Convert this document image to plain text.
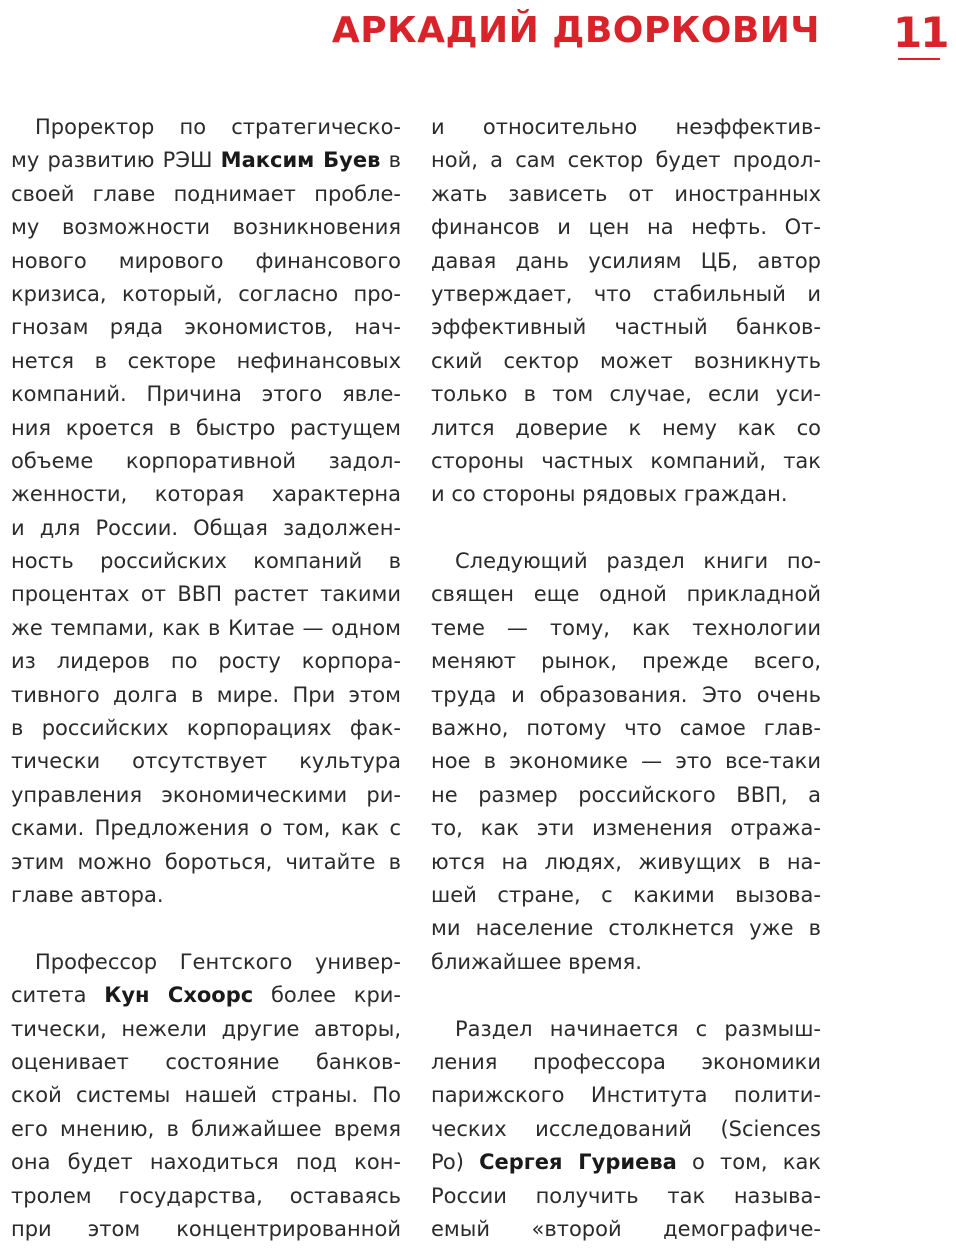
АРКАДИЙ ДВОРКОВИЧ 11
Проректор по стратегическо-
му развитию РЭШ Максим Буев в
своей главе поднимает пробле-
му возможности возникновения
нового мирового финансового
кризиса, который, согласно про-
гнозам ряда экономистов, нач-
нется в секторе нефинансовых
компаний. Причина этого явле-
ния кроется в быстро растущем
объеме корпоративной задол-
женности, которая характерна
и для России. Общая задолжен-
ность российских компаний в
процентах от ВВП растет такими
же темпами, как в Китае — одном
из лидеров по росту корпора-
тивного долга в мире. При этом
в российских корпорациях фак-
тически отсутствует культура
управления экономическими ри-
сками. Предложения о том, как с
этим можно бороться, читайте в
главе автора.
Профессор Гентского универ-
ситета Кун Схоорс более кри-
тически, нежели другие авторы,
оценивает состояние банков-
ской системы нашей страны. По
его мнению, в ближайшее время
она будет находиться под кон-
тролем государства, оставаясь
при этом концентрированной
и относительно неэффектив-
ной, а сам сектор будет продол-
жать зависеть от иностранных
финансов и цен на нефть. От-
давая дань усилиям ЦБ, автор
утверждает, что стабильный и
эффективный частный банков-
ский сектор может возникнуть
только в том случае, если уси-
лится доверие к нему как со
стороны частных компаний, так
и со стороны рядовых граждан.
Следующий раздел книги по-
священ еще одной прикладной
теме — тому, как технологии
меняют рынок, прежде всего,
труда и образования. Это очень
важно, потому что самое глав-
ное в экономике — это все-таки
не размер российского ВВП, а
то, как эти изменения отража-
ются на людях, живущих в на-
шей стране, с какими вызова-
ми население столкнется уже в
ближайшее время.
Раздел начинается с размыш-
ления профессора экономики
парижского Института полити-
ческих исследований (Sciences
Po) Сергея Гуриева о том, как
России получить так называ-
емый «второй демографиче-
